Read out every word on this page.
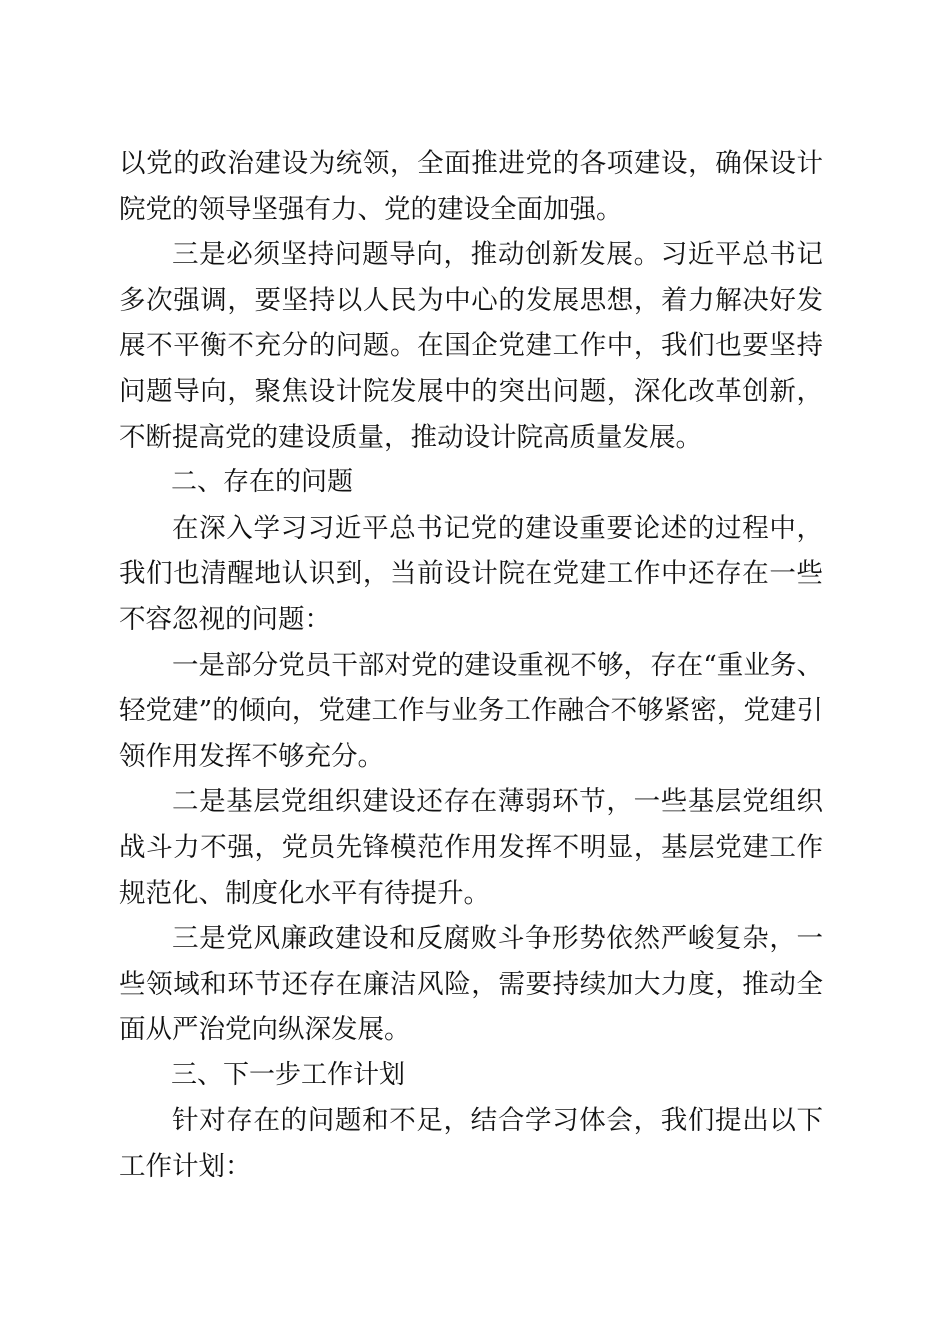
以党的政治建设为统领，全面推进党的各项建设，确保设计院党的领导坚强有力、党的建设全面加强。

三是必须坚持问题导向，推动创新发展。习近平总书记多次强调，要坚持以人民为中心的发展思想，着力解决好发展不平衡不充分的问题。在国企党建工作中，我们也要坚持问题导向，聚焦设计院发展中的突出问题，深化改革创新，不断提高党的建设质量，推动设计院高质量发展。

二、存在的问题

在深入学习习近平总书记党的建设重要论述的过程中，我们也清醒地认识到，当前设计院在党建工作中还存在一些不容忽视的问题：

一是部分党员干部对党的建设重视不够，存在“重业务、轻党建”的倾向，党建工作与业务工作融合不够紧密，党建引领作用发挥不够充分。

二是基层党组织建设还存在薄弱环节，一些基层党组织战斗力不强，党员先锋模范作用发挥不明显，基层党建工作规范化、制度化水平有待提升。

三是党风廉政建设和反腐败斗争形势依然严峻复杂，一些领域和环节还存在廉洁风险，需要持续加大力度，推动全面从严治党向纵深发展。

三、下一步工作计划

针对存在的问题和不足，结合学习体会，我们提出以下工作计划：
